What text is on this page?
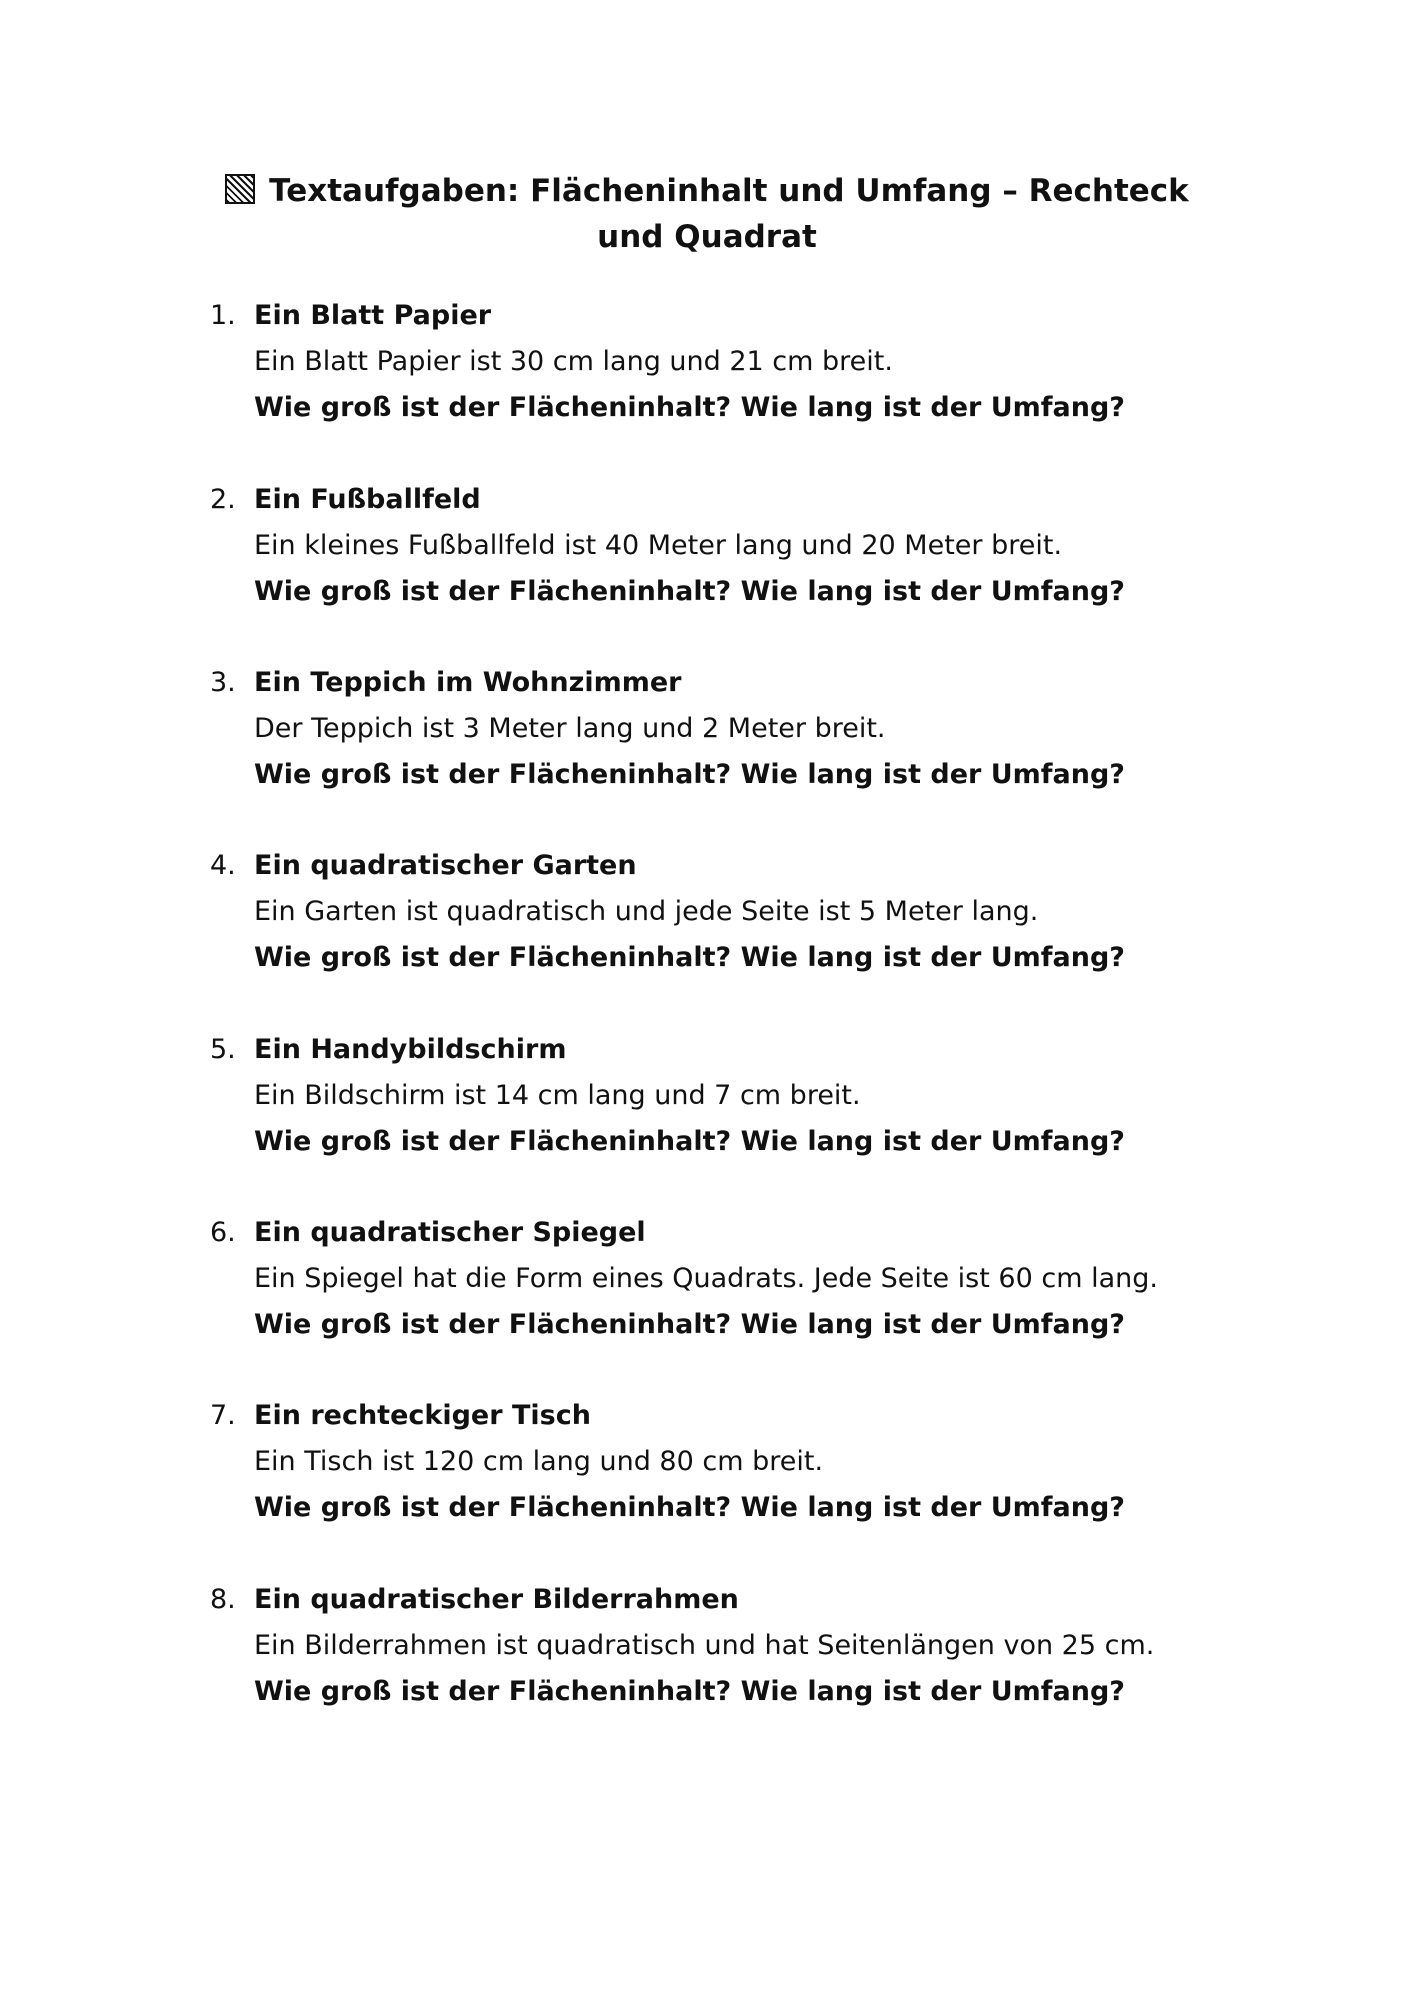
Textaufgaben: Flächeninhalt und Umfang – Rechteck und Quadrat
1. Ein Blatt Papier
Ein Blatt Papier ist 30 cm lang und 21 cm breit.
Wie groß ist der Flächeninhalt? Wie lang ist der Umfang?
2. Ein Fußballfeld
Ein kleines Fußballfeld ist 40 Meter lang und 20 Meter breit.
Wie groß ist der Flächeninhalt? Wie lang ist der Umfang?
3. Ein Teppich im Wohnzimmer
Der Teppich ist 3 Meter lang und 2 Meter breit.
Wie groß ist der Flächeninhalt? Wie lang ist der Umfang?
4. Ein quadratischer Garten
Ein Garten ist quadratisch und jede Seite ist 5 Meter lang.
Wie groß ist der Flächeninhalt? Wie lang ist der Umfang?
5. Ein Handybildschirm
Ein Bildschirm ist 14 cm lang und 7 cm breit.
Wie groß ist der Flächeninhalt? Wie lang ist der Umfang?
6. Ein quadratischer Spiegel
Ein Spiegel hat die Form eines Quadrats. Jede Seite ist 60 cm lang.
Wie groß ist der Flächeninhalt? Wie lang ist der Umfang?
7. Ein rechteckiger Tisch
Ein Tisch ist 120 cm lang und 80 cm breit.
Wie groß ist der Flächeninhalt? Wie lang ist der Umfang?
8. Ein quadratischer Bilderrahmen
Ein Bilderrahmen ist quadratisch und hat Seitenlängen von 25 cm.
Wie groß ist der Flächeninhalt? Wie lang ist der Umfang?
